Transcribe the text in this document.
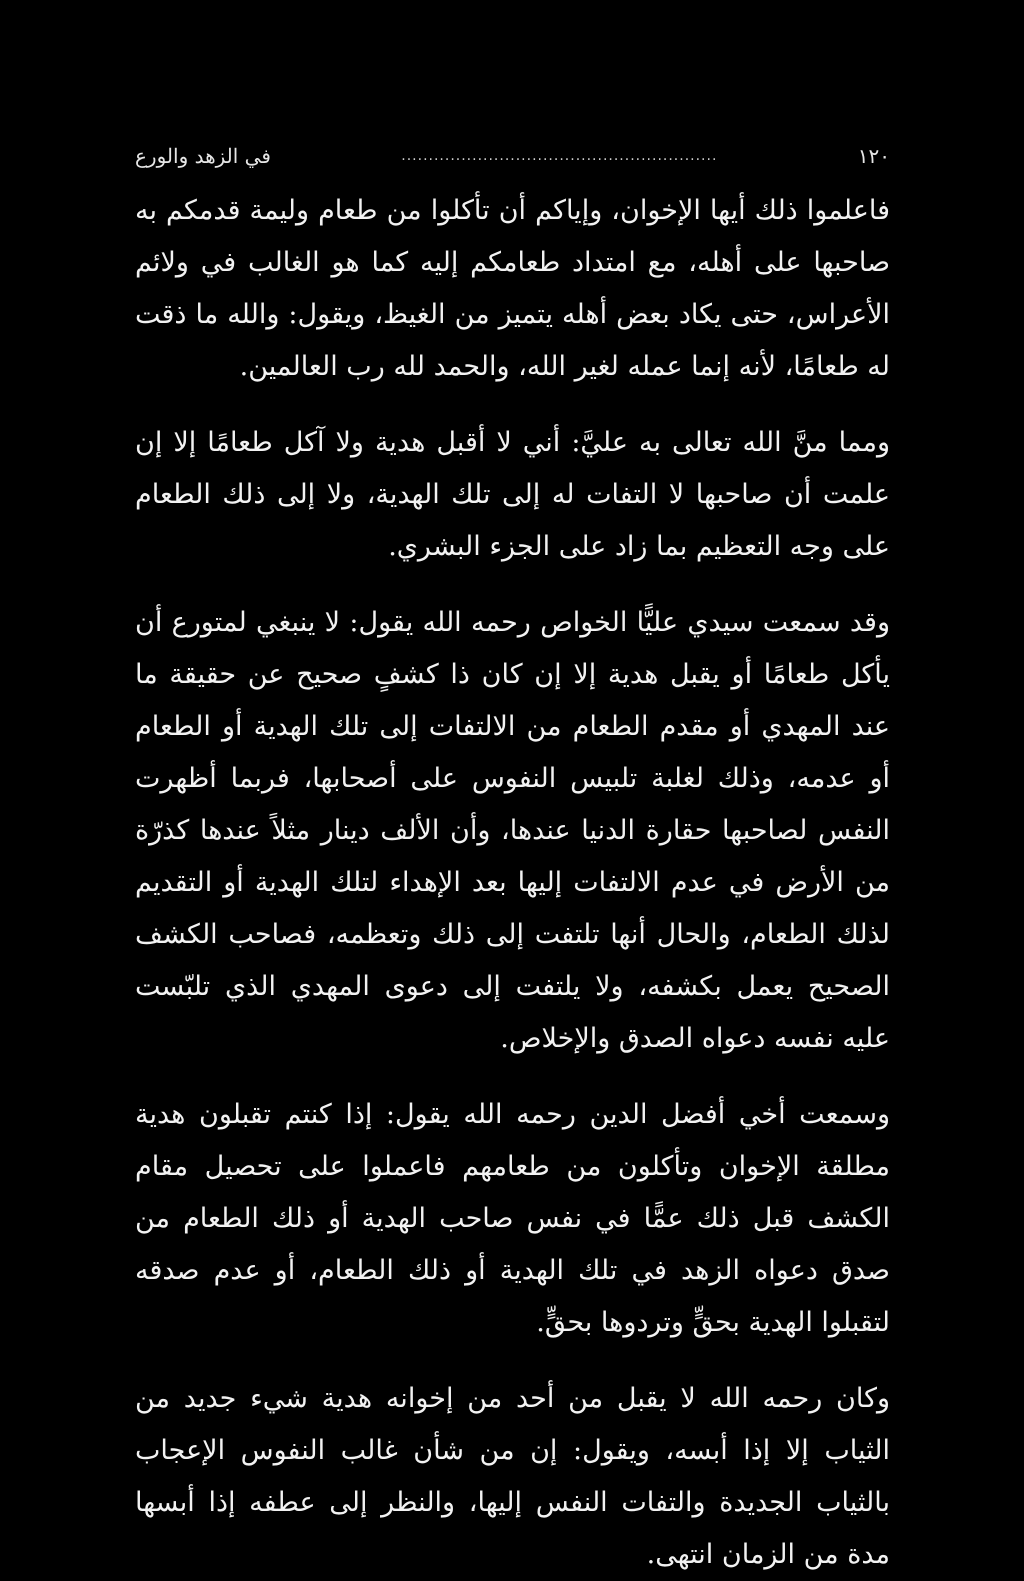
١٢٠
..........................................................
في الزهد والورع

فاعلموا ذلك أيها الإخوان، وإياكم أن تأكلوا من طعام وليمة قدمكم به صاحبها على أهله، مع امتداد طعامكم إليه كما هو الغالب في ولائم الأعراس، حتى يكاد بعض أهله يتميز من الغيظ، ويقول: والله ما ذقت له طعامًا، لأنه إنما عمله لغير الله، والحمد لله رب العالمين.

ومما منَّ الله تعالى به عليَّ: أني لا أقبل هدية ولا آكل طعامًا إلا إن علمت أن صاحبها لا التفات له إلى تلك الهدية، ولا إلى ذلك الطعام على وجه التعظيم بما زاد على الجزء البشري.

وقد سمعت سيدي عليًّا الخواص رحمه الله يقول: لا ينبغي لمتورع أن يأكل طعامًا أو يقبل هدية إلا إن كان ذا كشفٍ صحيح عن حقيقة ما عند المهدي أو مقدم الطعام من الالتفات إلى تلك الهدية أو الطعام أو عدمه، وذلك لغلبة تلبيس النفوس على أصحابها، فربما أظهرت النفس لصاحبها حقارة الدنيا عندها، وأن الألف دينار مثلاً عندها كذرّة من الأرض في عدم الالتفات إليها بعد الإهداء لتلك الهدية أو التقديم لذلك الطعام، والحال أنها تلتفت إلى ذلك وتعظمه، فصاحب الكشف الصحيح يعمل بكشفه، ولا يلتفت إلى دعوى المهدي الذي تلبّست عليه نفسه دعواه الصدق والإخلاص.

وسمعت أخي أفضل الدين رحمه الله يقول: إذا كنتم تقبلون هدية مطلقة الإخوان وتأكلون من طعامهم فاعملوا على تحصيل مقام الكشف قبل ذلك عمًّا في نفس صاحب الهدية أو ذلك الطعام من صدق دعواه الزهد في تلك الهدية أو ذلك الطعام، أو عدم صدقه لتقبلوا الهدية بحقٍّ وتردوها بحقٍّ.

وكان رحمه الله لا يقبل من أحد من إخوانه هدية شيء جديد من الثياب إلا إذا أبسه، ويقول: إن من شأن غالب النفوس الإعجاب بالثياب الجديدة والتفات النفس إليها، والنظر إلى عطفه إذا أبسها مدة من الزمان انتهى.
